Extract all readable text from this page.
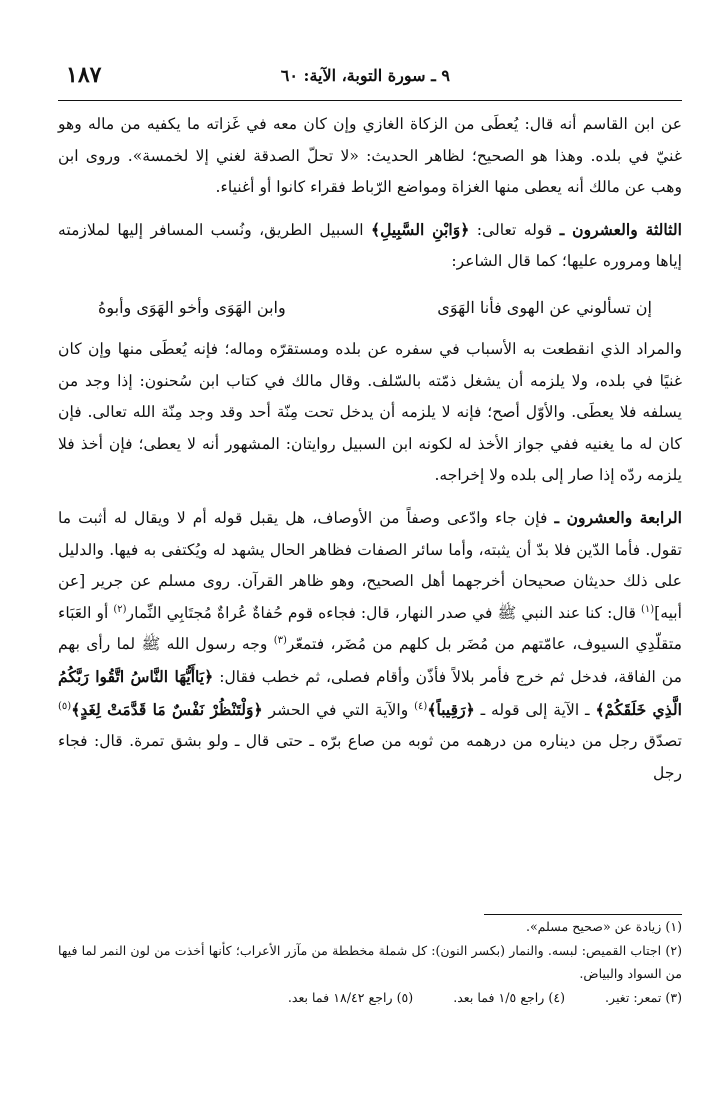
١٨٧	٩ ـ سورة التوبة، الآية: ٦٠

عن ابن القاسم أنه قال: يُعطَى من الزكاة الغازي وإن كان معه في غَزاته ما يكفيه من ماله وهو غنيّ في بلده. وهذا هو الصحيح؛ لظاهر الحديث: «لا تحلّ الصدقة لغني إلا لخمسة». وروى ابن وهب عن مالك أنه يعطى منها الغزاة ومواضع الرّباط فقراء كانوا أو أغنياء.

الثالثة والعشرون ـ قوله تعالى: ﴿وَابْنِ السَّبِيلِ﴾ السبيل الطريق، ونُسب المسافر إليها لملازمته إياها ومروره عليها؛ كما قال الشاعر:

إن تسألوني عن الهوى فأنا الهَوَى
وابن الهَوَى وأخو الهَوَى وأبوهُ

والمراد الذي انقطعت به الأسباب في سفره عن بلده ومستقرّه وماله؛ فإنه يُعطَى منها وإن كان غنيًا في بلده، ولا يلزمه أن يشغل ذمّته بالسّلف. وقال مالك في كتاب ابن سُحنون: إذا وجد من يسلفه فلا يعطَى. والأوّل أصح؛ فإنه لا يلزمه أن يدخل تحت مِنّة أحد وقد وجد مِنّة الله تعالى. فإن كان له ما يغنيه ففي جواز الأخذ له لكونه ابن السبيل روايتان: المشهور أنه لا يعطى؛ فإن أخذ فلا يلزمه ردّه إذا صار إلى بلده ولا إخراجه.

الرابعة والعشرون ـ فإن جاء وادّعى وصفاً من الأوصاف، هل يقبل قوله أم لا ويقال له أثبت ما تقول. فأما الدّين فلا بدّ أن يثبته، وأما سائر الصفات فظاهر الحال يشهد له ويُكتفى به فيها. والدليل على ذلك حديثان صحيحان أخرجهما أهل الصحيح، وهو ظاهر القرآن. روى مسلم عن جرير [عن أبيه]$^{(١)}$ قال: كنا عند النبي ﷺ في صدر النهار، قال: فجاءه قوم حُفاةٌ عُراةٌ مُجتَابِي النِّمار$^{(٢)}$ أو العَبَاء متقلّدِي السيوف، عامّتهم من مُضَر بل كلهم من مُضَر، فتمعّر$^{(٣)}$ وجه رسول الله ﷺ لما رأى بهم من الفاقة، فدخل ثم خرج فأمر بلالاً فأذّن وأقام فصلى، ثم خطب فقال: ﴿يَاأَيُّهَا النَّاسُ اتَّقُوا رَبَّكُمُ الَّذِي خَلَقَكُمْ﴾ ـ الآية إلى قوله ـ ﴿رَقِيباً﴾$^{(٤)}$ والآية التي في الحشر ﴿وَلْتَنْظُرْ نَفْسٌ مَا قَدَّمَتْ لِغَدٍ﴾$^{(٥)}$ تصدّق رجل من ديناره من درهمه من ثوبه من صاع برّه ـ حتى قال ـ ولو بشق تمرة. قال: فجاء رجل

(١) زيادة عن «صحيح مسلم».

(٢) اجتاب القميص: لبسه. والنمار (بكسر النون): كل شملة مخططة من مآزر الأعراب؛ كأنها أخذت من لون النمر لما فيها من السواد والبياض.

(٣) تمعر: تغير.
(٤) راجع ١/٥ فما بعد.
(٥) راجع ١٨/٤٢ فما بعد.
